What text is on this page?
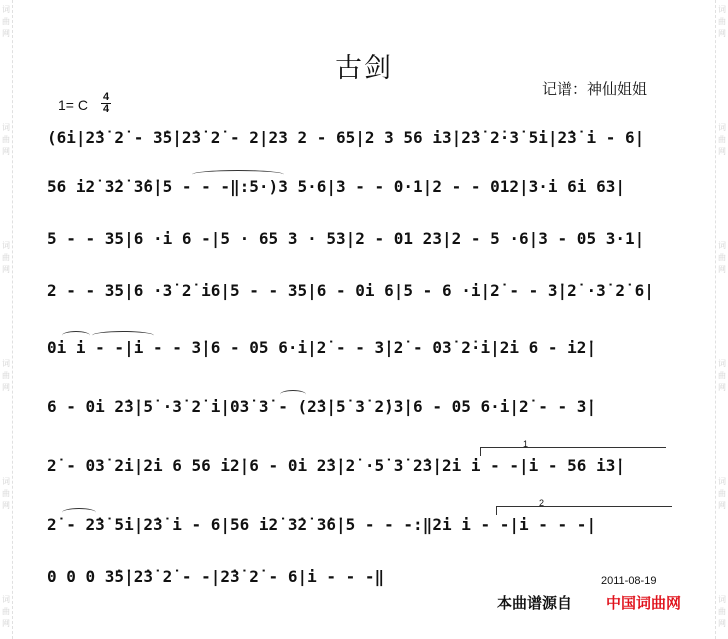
词
曲
网
词
曲
网
词
曲
网
词
曲
网
词
曲
网
词
曲
网
词
曲
网
词
曲
网
词
曲
网
词
曲
网
词
曲
网
词
曲
网
古剑
记谱：神仙姐姐
1= C 4
4
(6i|2̇3̇ 2̇ - 3̇5̇|2̇3̇ 2̇ - 2|23 2 - 65|2 3 56 i3̇|2̇3̇ 2̇·3̇ 5̇i|2̇3̇ i - 6|
56 i2̇ 3̇2̇ 3̇6̇|5 - - -‖:5·)3 5·6|3 - - 0·1|2 - - 012|3·i 6i 63|
5 - - 35|6 ·i 6 -|5 · 65 3 · 53|2 - 01 23|2 - 5 ·6|3 - 05 3·1|
2 - - 35|6 ·3̇ 2̇ i6|5 - - 35|6 - 0i 6|5 - 6 ·i|2̇ - - 3̇|2̇ ·3̇ 2̇ 6|
0i i - -|i - - 3̇|6 - 05 6·i|2̇ - - 3̇|2̇ - 03̇ 2̇·i|2̇i 6 - i2̇|
6 - 0i 2̇3̇|5̇ ·3̇ 2̇ i|03̇ 3̇ - (2̇3̇|5̇ 3̇ 2̇)3̇|6 - 05 6·i|2̇ - - 3̇|
2̇ - 03̇ 2̇i|2̇i 6 56 i2̇|6 - 0i 2̇3̇|2̇ ·5̇ 3̇ 2̇3̇|2̇i i - -|i - 56 i3̇|
2̇ - 2̇3̇ 5̇i|2̇3̇ i - 6|56 i2̇ 3̇2̇ 3̇6̇|5 - - -:‖2̇i i - -|i - - -|
0 0 0 3̇5̇|2̇3̇ 2̇ - -|2̇3̇ 2̇ - 6|i - - -‖
1
2
2011-08-19
本曲谱源自 中国词曲网
